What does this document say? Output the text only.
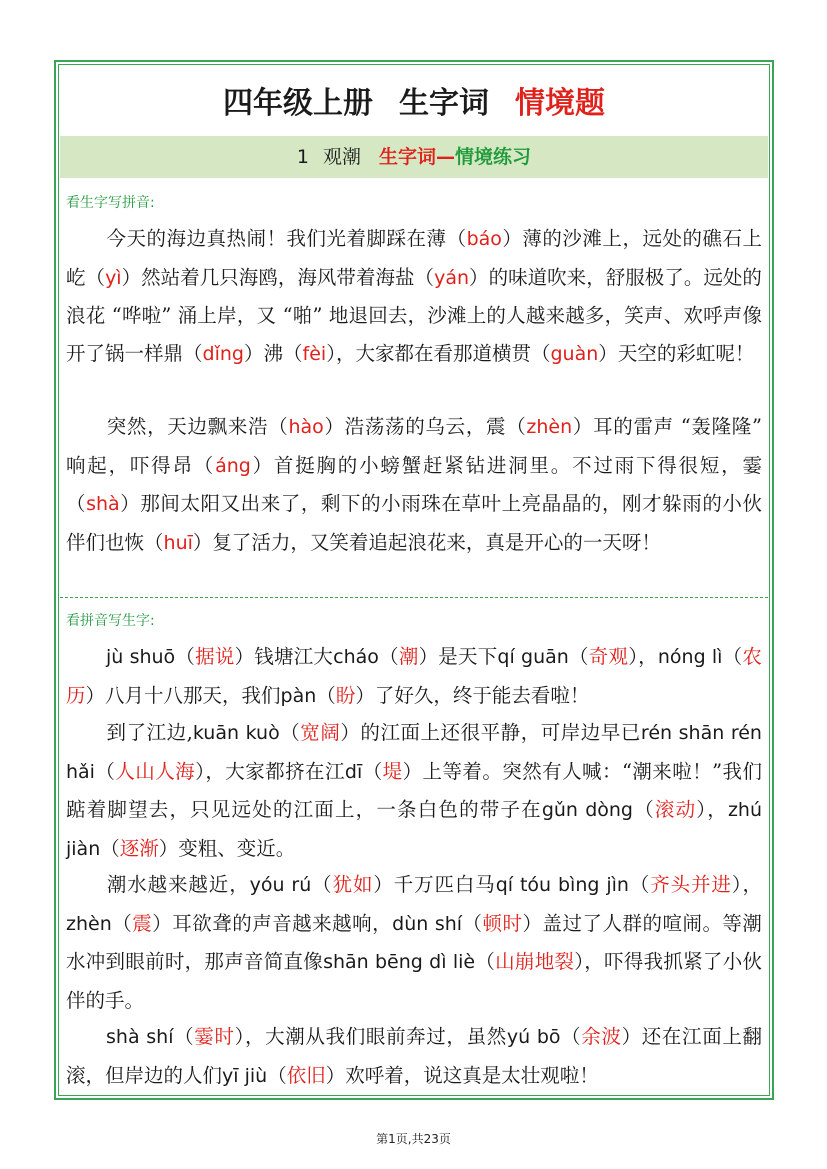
四年级上册 生字词 情境题
1 观潮 生字词—情境练习
看生字写拼音:

今天的海边真热闹！我们光着脚踩在薄（báo）薄的沙滩上，远处的礁石上屹（yì）然站着几只海鸥，海风带着海盐（yán）的味道吹来，舒服极了。远处的浪花 “哗啦” 涌上岸，又 “啪” 地退回去，沙滩上的人越来越多，笑声、欢呼声像开了锅一样鼎（dǐng）沸（fèi），大家都在看那道横贯（guàn）天空的彩虹呢！

突然，天边飘来浩（hào）浩荡荡的乌云，震（zhèn）耳的雷声 “轰隆隆” 响起，吓得昂（áng）首挺胸的小螃蟹赶紧钻进洞里。不过雨下得很短，霎（shà）那间太阳又出来了，剩下的小雨珠在草叶上亮晶晶的，刚才躲雨的小伙伴们也恢（huī）复了活力，又笑着追起浪花来，真是开心的一天呀！

看拼音写生字:

jù shuō（据说）钱塘江大cháo（潮）是天下qí guān（奇观），nóng lì（农历）八月十八那天，我们pàn（盼）了好久，终于能去看啦！

到了江边,kuān kuò（宽阔）的江面上还很平静，可岸边早已rén shān rén hǎi（人山人海），大家都挤在江dī（堤）上等着。突然有人喊：“潮来啦！”我们踮着脚望去，只见远处的江面上，一条白色的带子在gǔn dòng（滚动），zhú jiàn（逐渐）变粗、变近。

潮水越来越近，yóu rú（犹如）千万匹白马qí tóu bìng jìn（齐头并进），zhèn（震）耳欲聋的声音越来越响，dùn shí（顿时）盖过了人群的喧闹。等潮水冲到眼前时，那声音简直像shān bēng dì liè（山崩地裂），吓得我抓紧了小伙伴的手。

shà shí（霎时），大潮从我们眼前奔过，虽然yú bō（余波）还在江面上翻滚，但岸边的人们yī jiù（依旧）欢呼着，说这真是太壮观啦！

第1页,共23页
